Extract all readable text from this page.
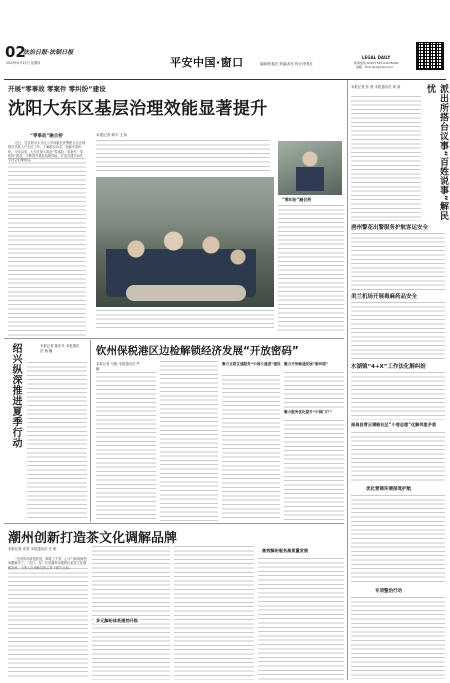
02
法治日报·法制日报
2023年6月15日 星期四	平安中国·窗口	编辑/张振亮 美编/高岳 校对/李景红
LEGAL DAILY
新闻热线 63077765 63076000
电邮：fzrb.ads@163.com
开展“零事故 零案件 零纠纷”建设
沈阳大东区基层治理效能显著提升
“零事故”融合桥

近日，在沈阳市大东区公安局辖区民警配合社区网格员开展入户走访工作，了解群众诉求，化解矛盾纠纷。今年以来，大东区深入推进“零事故、零案件、零纠纷”建设，不断提升基层治理效能，打造共建共治共享社会治理格局。

本报记者 韩宇 王伟
“零纠纷”融合桥
本报记者 张 晨 本报通讯员 周 新	派出所搭台议事“百姓说事”解民忧
唐州警花出警服务护航客运安全
美兰机场开展毒麻药品安全
水湖镇“4+X”工作法化解纠纷
南昌县青云谱路社区“小巷总理”化解邻里矛盾
优化营商环境保驾护航
专项整治行动
本报记者 陈东升 本报通讯员 褚 巍
绍兴纵深推进夏季行动	钦州保税港区边检解锁经济发展“开放密码”
本报记者 马艳 本报通讯员 严 鹏
聚力互联互通服务“中国大通道”建设 聚力开放畅通发展“新环境”
聚力服务优化提升“中国门户”
潮州创新打造茶文化调解品牌
本报记者 邓君 本报通讯员 庄 明

“这里的环境很舒适，喝着工夫茶，心平气和地就把问题解决了。”近日，在广东省潮州市湘桥区某茶文化调解室里，当事人在调解员的主持下握手言和。

多元解纷体系提档升级
高效解纷服务高质量发展
